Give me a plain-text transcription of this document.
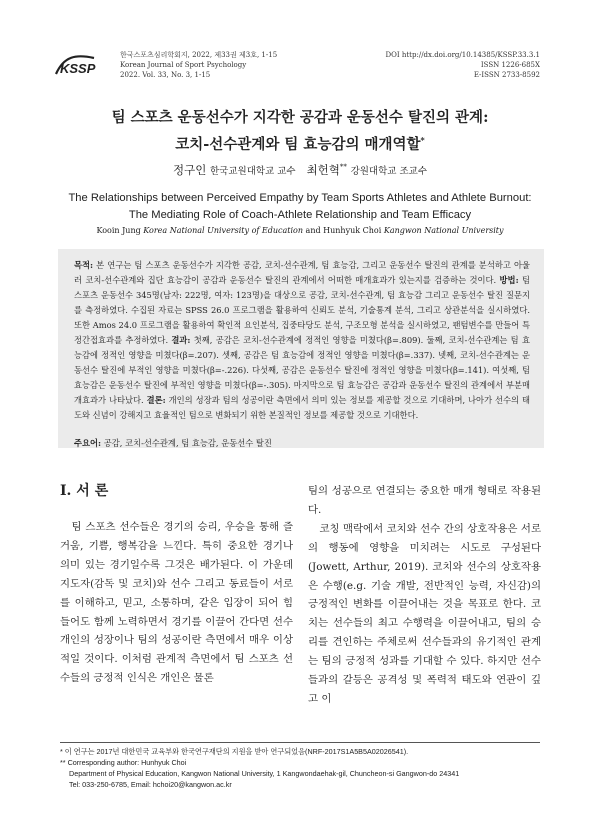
KSSP
한국스포츠심리학회지, 2022, 제33권 제3호, 1-15
Korean Journal of Sport Psychology
2022. Vol. 33, No. 3, 1-15
DOI http://dx.doi.org/10.14385/KSSP.33.3.1
ISSN 1226-685X
E-ISSN 2733-8592
팀 스포츠 운동선수가 지각한 공감과 운동선수 탈진의 관계:
코치-선수관계와 팀 효능감의 매개역할*
정구인 한국교원대학교 교수 최헌혁** 강원대학교 조교수
The Relationships between Perceived Empathy by Team Sports Athletes and Athlete Burnout:
The Mediating Role of Coach-Athlete Relationship and Team Efficacy
Kooin Jung Korea National University of Education and Hunhyuk Choi Kangwon National University

목적: 본 연구는 팀 스포츠 운동선수가 지각한 공감, 코치-선수관계, 팀 효능감, 그리고 운동선수 탈진의 관계를 분석하고 아울러 코치-선수관계와 집단 효능감이 공감과 운동선수 탈진의 관계에서 어떠한 매개효과가 있는지를 검증하는 것이다. 방법: 팀 스포츠 운동선수 345명(남자: 222명, 여자: 123명)을 대상으로 공감, 코치-선수관계, 팀 효능감 그리고 운동선수 탈진 질문지를 측정하였다. 수집된 자료는 SPSS 26.0 프로그램을 활용하여 신뢰도 분석, 기술통계 분석, 그리고 상관분석을 실시하였다. 또한 Amos 24.0 프로그램을 활용하여 확인적 요인분석, 집중타당도 분석, 구조모형 분석을 실시하였고, 팬텀변수를 만들어 특정간접효과를 추정하였다. 결과: 첫째, 공감은 코치-선수관계에 정적인 영향을 미쳤다(β=.809). 둘째, 코치-선수관계는 팀 효능감에 정적인 영향을 미쳤다(β=.207). 셋째, 공감은 팀 효능감에 정적인 영향을 미쳤다(β=.337). 넷째, 코치-선수관계는 운동선수 탈진에 부적인 영향을 미쳤다(β=-.226). 다섯째, 공감은 운동선수 탈진에 정적인 영향을 미쳤다(β=.141). 여섯째, 팀 효능감은 운동선수 탈진에 부적인 영향을 미쳤다(β=-.305). 마지막으로 팀 효능감은 공감과 운동선수 탈진의 관계에서 부분매개효과가 나타났다. 결론: 개인의 성장과 팀의 성공이란 측면에서 의미 있는 정보를 제공할 것으로 기대하며, 나아가 선수의 태도와 신념이 강해지고 효율적인 팀으로 변화되기 위한 본질적인 정보를 제공할 것으로 기대한다.

주요어: 공감, 코치-선수관계, 팀 효능감, 운동선수 탈진
I. 서 론

팀 스포츠 선수들은 경기의 승리, 우승을 통해 즐거움, 기쁨, 행복감을 느낀다. 특히 중요한 경기나 의미 있는 경기일수록 그것은 배가된다. 이 가운데 지도자(감독 및 코치)와 선수 그리고 동료들이 서로를 이해하고, 믿고, 소통하며, 같은 입장이 되어 힘들어도 함께 노력하면서 경기를 이끌어 간다면 선수 개인의 성장이나 팀의 성공이란 측면에서 매우 이상적일 것이다. 이처럼 관계적 측면에서 팀 스포츠 선수들의 긍정적 인식은 개인은 물론

팀의 성공으로 연결되는 중요한 매개 형태로 작용된다.

코칭 맥락에서 코치와 선수 간의 상호작용은 서로의 행동에 영향을 미치려는 시도로 구성된다 (Jowett, Arthur, 2019). 코치와 선수의 상호작용은 수행(e.g. 기술 개발, 전반적인 능력, 자신감)의 긍정적인 변화를 이끌어내는 것을 목표로 한다. 코치는 선수들의 최고 수행력을 이끌어내고, 팀의 승리를 견인하는 주체로써 선수들과의 유기적인 관계는 팀의 긍정적 성과를 기대할 수 있다. 하지만 선수들과의 갈등은 공격성 및 폭력적 태도와 연관이 깊고 이

* 이 연구는 2017년 대한민국 교육부와 한국연구재단의 지원을 받아 연구되었음(NRF-2017S1A5B5A02026541).
** Corresponding author: Hunhyuk Choi
Department of Physical Education, Kangwon National University, 1 Kangwondaehak-gil, Chuncheon-si Gangwon-do 24341
Tel: 033-250-6785, Email: hchoi20@kangwon.ac.kr
